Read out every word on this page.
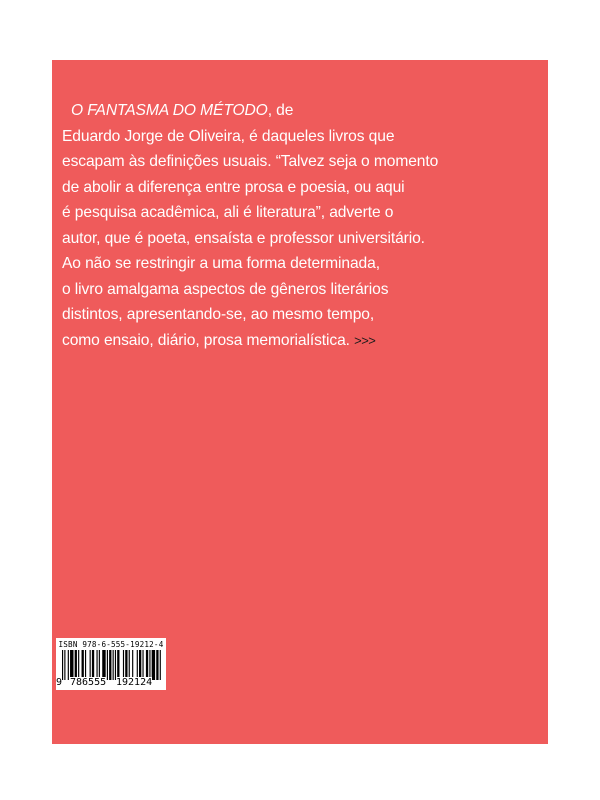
O FANTASMA DO MÉTODO, de
Eduardo Jorge de Oliveira, é daqueles livros que
escapam às definições usuais. “Talvez seja o momento
de abolir a diferença entre prosa e poesia, ou aqui
é pesquisa acadêmica, ali é literatura”, adverte o
autor, que é poeta, ensaísta e professor universitário.
Ao não se restringir a uma forma determinada,
o livro amalgama aspectos de gêneros literários
distintos, apresentando-se, ao mesmo tempo,
como ensaio, diário, prosa memorialística. >>>
ISBN 978-6-555-19212-4
9 786555 192124
